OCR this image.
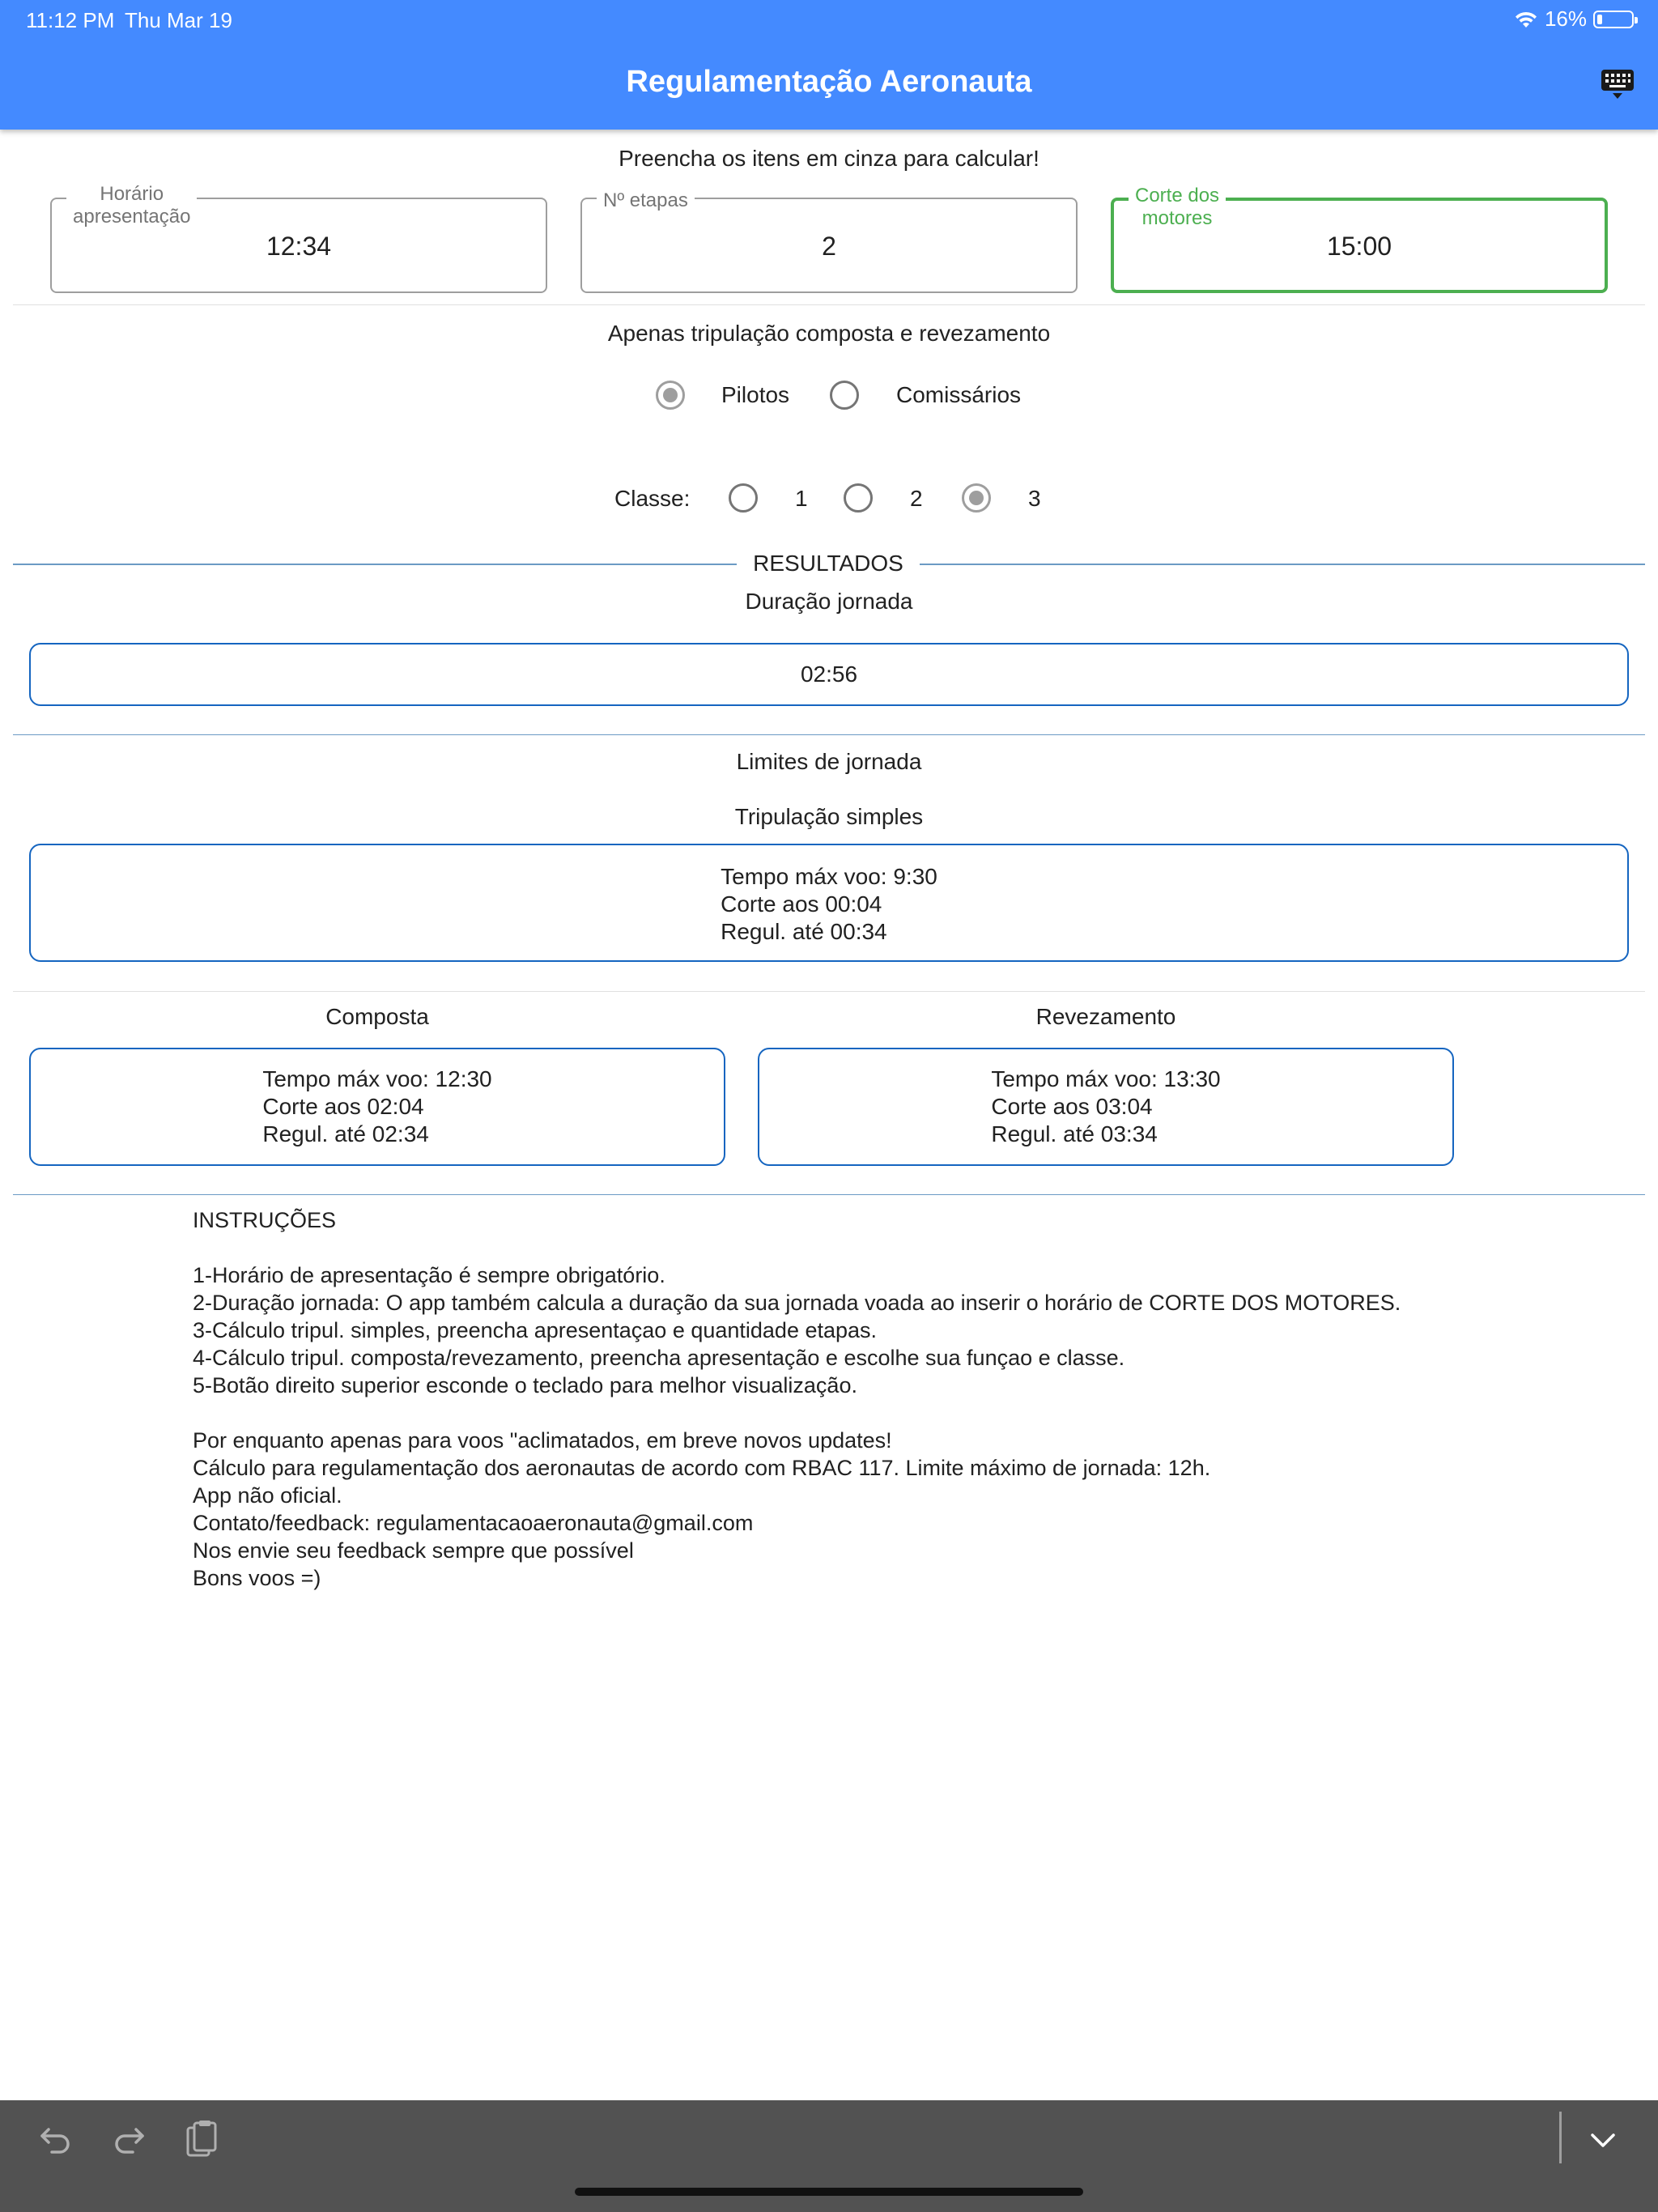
11:12 PM Thu Mar 19	16%
Regulamentação Aeronauta
Preencha os itens em cinza para calcular!
Horário
apresentação
12:34
Nº etapas
2
Corte dos
motores
15:00
Apenas tripulação composta e revezamento
Pilotos	Comissários
Classe:	1	2	3
RESULTADOS
Duração jornada
02:56
Limites de jornada
Tripulação simples
Tempo máx voo: 9:30
Corte aos 00:04
Regul. até 00:34
Composta	Revezamento
Tempo máx voo: 12:30
Corte aos 02:04
Regul. até 02:34
Tempo máx voo: 13:30
Corte aos 03:04
Regul. até 03:34

INSTRUÇÕES

1-Horário de apresentação é sempre obrigatório.

2-Duração jornada: O app também calcula a duração da sua jornada voada ao inserir o horário de CORTE DOS MOTORES.

3-Cálculo tripul. simples, preencha apresentaçao e quantidade etapas.

4-Cálculo tripul. composta/revezamento, preencha apresentação e escolhe sua funçao e classe.

5-Botão direito superior esconde o teclado para melhor visualização.

Por enquanto apenas para voos "aclimatados, em breve novos updates!

Cálculo para regulamentação dos aeronautas de acordo com RBAC 117. Limite máximo de jornada: 12h.

App não oficial.

Contato/feedback: regulamentacaoaeronauta@gmail.com

Nos envie seu feedback sempre que possível

Bons voos =)
